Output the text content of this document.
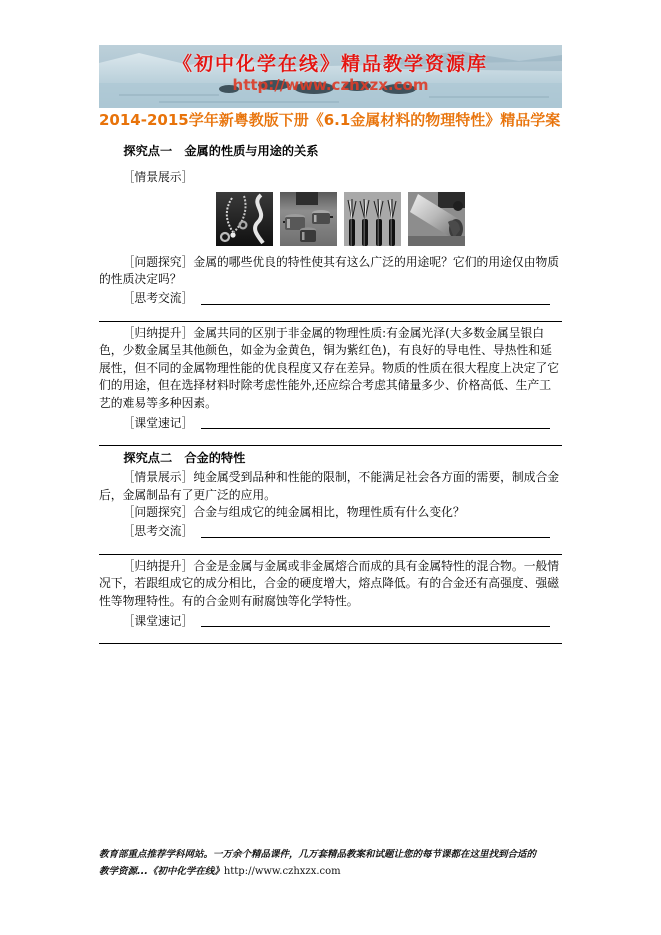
《初中化学在线》精品教学资源库
http://www.czhxzx.com
2014-2015学年新粤教版下册《6.1金属材料的物理特性》精品学案
探究点一　金属的性质与用途的关系
［情景展示］
［问题探究］金属的哪些优良的特性使其有这么广泛的用途呢？它们的用途仅由物质的性质决定吗？
［思考交流］
［归纳提升］金属共同的区别于非金属的物理性质:有金属光泽(大多数金属呈银白色，少数金属呈其他颜色，如金为金黄色，铜为紫红色)，有良好的导电性、导热性和延展性，但不同的金属物理性能的优良程度又存在差异。物质的性质在很大程度上决定了它们的用途，但在选择材料时除考虑性能外,还应综合考虑其储量多少、价格高低、生产工艺的难易等多种因素。
［课堂速记］
探究点二　合金的特性
［情景展示］纯金属受到品种和性能的限制，不能满足社会各方面的需要，制成合金后，金属制品有了更广泛的应用。
［问题探究］合金与组成它的纯金属相比，物理性质有什么变化？
［思考交流］
［归纳提升］合金是金属与金属或非金属熔合而成的具有金属特性的混合物。一般情况下，若跟组成它的成分相比，合金的硬度增大，熔点降低。有的合金还有高强度、强磁性等物理特性。有的合金则有耐腐蚀等化学特性。
［课堂速记］
教育部重点推荐学科网站。一万余个精品课件，几万套精品教案和试题让您的每节课都在这里找到合适的
教学资源...《初中化学在线》http://www.czhxzx.com
